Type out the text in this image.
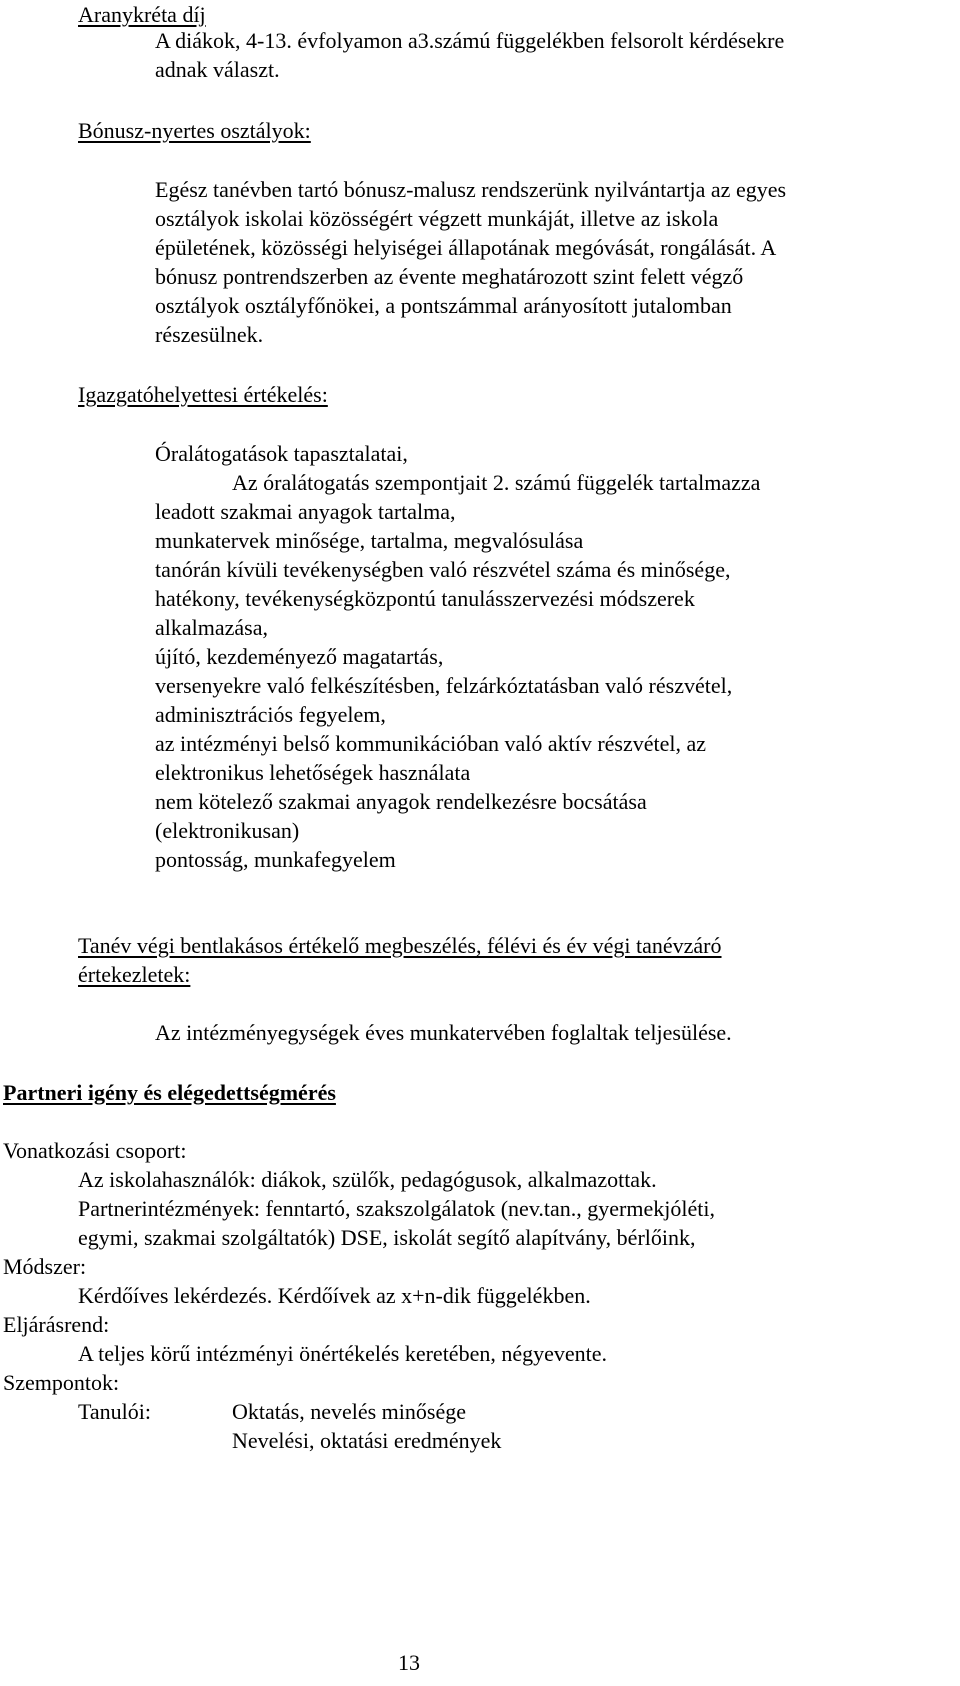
Aranykréta díj
A diákok, 4-13. évfolyamon a3.számú függelékben felsorolt kérdésekre
adnak választ.
Bónusz-nyertes osztályok:
Egész tanévben tartó bónusz-malusz rendszerünk nyilvántartja az egyes
osztályok iskolai közösségért végzett munkáját, illetve az iskola
épületének, közösségi helyiségei állapotának megóvását, rongálását. A
bónusz pontrendszerben az évente meghatározott szint felett végző
osztályok osztályfőnökei, a pontszámmal arányosított jutalomban
részesülnek.
Igazgatóhelyettesi értékelés:
Óralátogatások tapasztalatai,
Az óralátogatás szempontjait 2. számú függelék tartalmazza
leadott szakmai anyagok tartalma,
munkatervek minősége, tartalma, megvalósulása
tanórán kívüli tevékenységben való részvétel száma és minősége,
hatékony, tevékenységközpontú tanulásszervezési módszerek
alkalmazása,
újító, kezdeményező magatartás,
versenyekre való felkészítésben, felzárkóztatásban való részvétel,
adminisztrációs fegyelem,
az intézményi belső kommunikációban való aktív részvétel, az
elektronikus lehetőségek használata
nem kötelező szakmai anyagok rendelkezésre bocsátása
(elektronikusan)
pontosság, munkafegyelem
Tanév végi bentlakásos értékelő megbeszélés, félévi és év végi tanévzáró
értekezletek:
Az intézményegységek éves munkatervében foglaltak teljesülése.
Partneri igény és elégedettségmérés
Vonatkozási csoport:
Az iskolahasználók: diákok, szülők, pedagógusok, alkalmazottak.
Partnerintézmények: fenntartó, szakszolgálatok (nev.tan., gyermekjóléti,
egymi, szakmai szolgáltatók) DSE, iskolát segítő alapítvány, bérlőink,
Módszer:
Kérdőíves lekérdezés. Kérdőívek az x+n-dik függelékben.
Eljárásrend:
A teljes körű intézményi önértékelés keretében, négyevente.
Szempontok:
Tanulói:	Oktatás, nevelés minősége
Nevelési, oktatási eredmények
13
